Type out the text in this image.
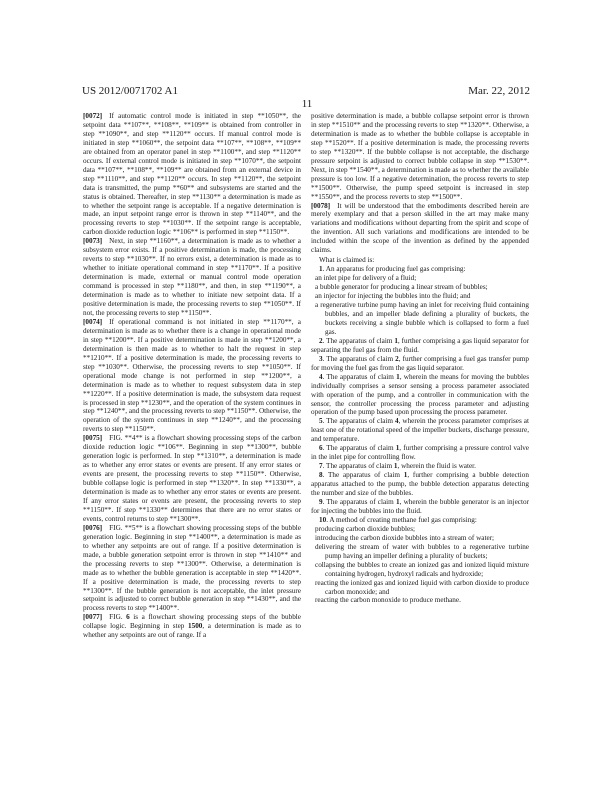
US 2012/0071702 A1	Mar. 22, 2012
11

[0072] If automatic control mode is initiated in step **1050**, the setpoint data **107**, **108**, **109** is obtained from controller in step **1090**, and step **1120** occurs. If manual control mode is initiated in step **1060**, the setpoint data **107**, **108**, **109** are obtained from an operator panel in step **1100**, and step **1120** occurs. If external control mode is initiated in step **1070**, the setpoint data **107**, **108**, **109** are obtained from an external device in step **1110**, and step **1120** occurs. In step **1120**, the setpoint data is transmitted, the pump **60** and subsystems are started and the status is obtained. Thereafter, in step **1130** a determination is made as to whether the setpoint range is acceptable. If a negative determination is made, an input setpoint range error is thrown in step **1140**, and the processing reverts to step **1030**. If the setpoint range is acceptable, carbon dioxide reduction logic **106** is performed in step **1150**.

[0073] Next, in step **1160**, a determination is made as to whether a subsystem error exists. If a positive determination is made, the processing reverts to step **1030**. If no errors exist, a determination is made as to whether to initiate operational command in step **1170**. If a positive determination is made, external or manual control mode operation command is processed in step **1180**, and then, in step **1190**, a determination is made as to whether to initiate new setpoint data. If a positive determination is made, the processing reverts to step **1050**. If not, the processing reverts to step **1150**.

[0074] If operational command is not initiated in step **1170**, a determination is made as to whether there is a change in operational mode in step **1200**. If a positive determination is made in step **1200**, a determination is then made as to whether to halt the request in step **1210**. If a positive determination is made, the processing reverts to step **1030**. Otherwise, the processing reverts to step **1050**. If operational mode change is not performed in step **1200**, a determination is made as to whether to request subsystem data in step **1220**. If a positive determination is made, the subsystem data request is processed in step **1230**, and the operation of the system continues in step **1240**, and the processing reverts to step **1150**. Otherwise, the operation of the system continues in step **1240**, and the processing reverts to step **1150**.

[0075] FIG. **4** is a flowchart showing processing steps of the carbon dioxide reduction logic **106**. Beginning in step **1300**, bubble generation logic is performed. In step **1310**, a determination is made as to whether any error states or events are present. If any error states or events are present, the processing reverts to step **1150**. Otherwise, bubble collapse logic is performed in step **1320**. In step **1330**, a determination is made as to whether any error states or events are present. If any error states or events are present, the processing reverts to step **1150**. If step **1330** determines that there are no error states or events, control returns to step **1300**.

[0076] FIG. **5** is a flowchart showing processing steps of the bubble generation logic. Beginning in step **1400**, a determination is made as to whether any setpoints are out of range. If a positive determination is made, a bubble generation setpoint error is thrown in step **1410** and the processing reverts to step **1300**. Otherwise, a determination is made as to whether the bubble generation is acceptable in step **1420**. If a positive determination is made, the processing reverts to step **1300**. If the bubble generation is not acceptable, the inlet pressure setpoint is adjusted to correct bubble generation in step **1430**, and the process reverts to step **1400**.

[0077] FIG. 6 is a flowchart showing processing steps of the bubble collapse logic. Beginning in step 1500, a determination is made as to whether any setpoints are out of range. If a

positive determination is made, a bubble collapse setpoint error is thrown in step **1510** and the processing reverts to step **1320**. Otherwise, a determination is made as to whether the bubble collapse is acceptable in step **1520**. If a positive determination is made, the processing reverts to step **1320**. If the bubble collapse is not acceptable, the discharge pressure setpoint is adjusted to correct bubble collapse in step **1530**. Next, in step **1540**, a determination is made as to whether the available pressure is too low. If a negative determination, the process reverts to step **1500**. Otherwise, the pump speed setpoint is increased in step **1550**, and the process reverts to step **1500**.

[0078] It will be understood that the embodiments described herein are merely exemplary and that a person skilled in the art may make many variations and modifications without departing from the spirit and scope of the invention. All such variations and modifications are intended to be included within the scope of the invention as defined by the appended claims.

What is claimed is:

1. An apparatus for producing fuel gas comprising:

an inlet pipe for delivery of a fluid;

a bubble generator for producing a linear stream of bubbles;

an injector for injecting the bubbles into the fluid; and

a regenerative turbine pump having an inlet for receiving fluid containing bubbles, and an impeller blade defining a plurality of buckets, the buckets receiving a single bubble which is collapsed to form a fuel gas.

2. The apparatus of claim 1, further comprising a gas liquid separator for separating the fuel gas from the fluid.

3. The apparatus of claim 2, further comprising a fuel gas transfer pump for moving the fuel gas from the gas liquid separator.

4. The apparatus of claim 1, wherein the means for moving the bubbles individually comprises a sensor sensing a process parameter associated with operation of the pump, and a controller in communication with the sensor, the controller processing the process parameter and adjusting operation of the pump based upon processing the process parameter.

5. The apparatus of claim 4, wherein the process parameter comprises at least one of the rotational speed of the impeller buckets, discharge pressure, and temperature.

6. The apparatus of claim 1, further comprising a pressure control valve in the inlet pipe for controlling flow.

7. The apparatus of claim 1, wherein the fluid is water.

8. The apparatus of claim 1, further comprising a bubble detection apparatus attached to the pump, the bubble detection apparatus detecting the number and size of the bubbles.

9. The apparatus of claim 1, wherein the bubble generator is an injector for injecting the bubbles into the fluid.

10. A method of creating methane fuel gas comprising:

producing carbon dioxide bubbles;

introducing the carbon dioxide bubbles into a stream of water;

delivering the stream of water with bubbles to a regenerative turbine pump having an impeller defining a plurality of buckets;

collapsing the bubbles to create an ionized gas and ionized liquid mixture containing hydrogen, hydroxyl radicals and hydroxide;

reacting the ionized gas and ionized liquid with carbon dioxide to produce carbon monoxide; and

reacting the carbon monoxide to produce methane.
